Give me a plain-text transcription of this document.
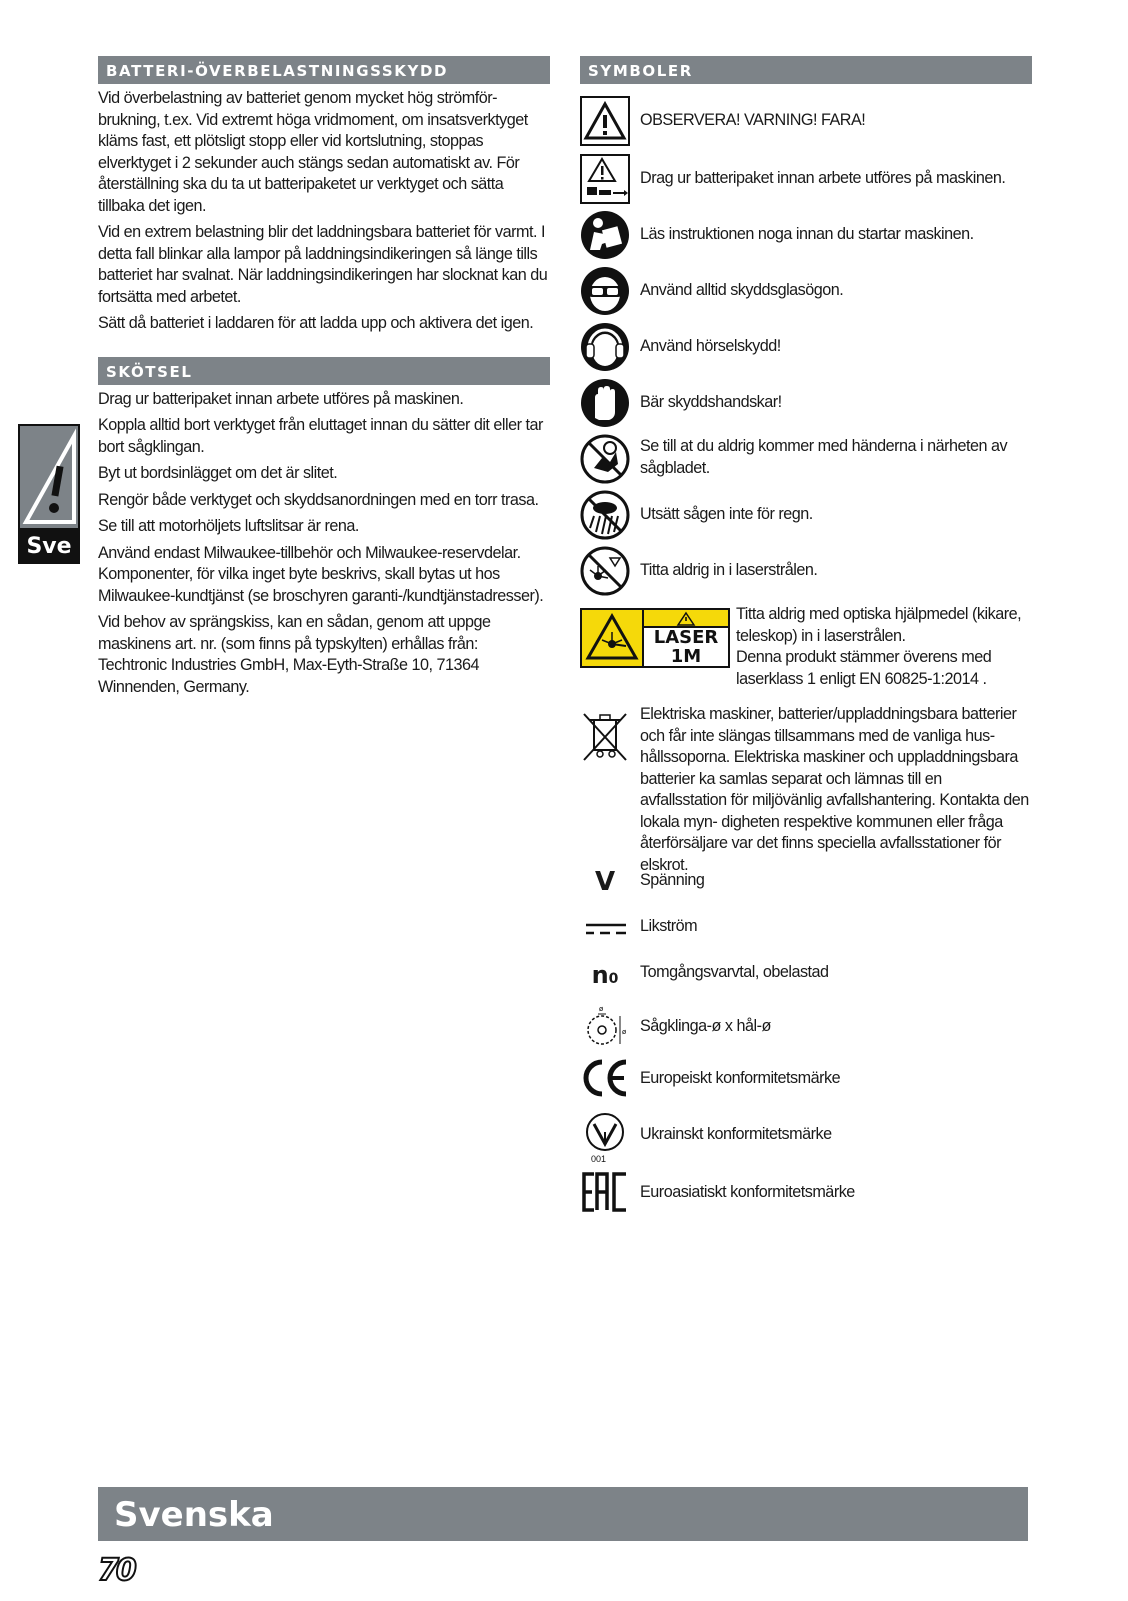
BATTERI-ÖVERBELASTNINGSSKYDD
Vid överbelastning av batteriet genom mycket hög strömför- brukning, t.ex. Vid extremt höga vridmoment, om insatsverktyget kläms fast, ett plötsligt stopp eller vid kortslutning, stoppas elverktyget i 2 sekunder auch stängs sedan automatiskt av. För återställning ska du ta ut batteripaketet ur verktyget och sätta tillbaka det igen.
Vid en extrem belastning blir det laddningsbara batteriet för varmt. I detta fall blinkar alla lampor på laddningsindikeringen så länge tills batteriet har svalnat. När laddningsindikeringen har slocknat kan du fortsätta med arbetet.
Sätt då batteriet i laddaren för att ladda upp och aktivera det igen.
SKÖTSEL
Drag ur batteripaket innan arbete utföres på maskinen.
Koppla alltid bort verktyget från eluttaget innan du sätter dit eller tar bort sågklingan.
Byt ut bordsinlägget om det är slitet.
Rengör både verktyget och skyddsanordningen med en torr trasa.
Se till att motorhöljets luftslitsar är rena.
Använd endast Milwaukee-tillbehör och Milwaukee-reservdelar. Komponenter, för vilka inget byte beskrivs, skall bytas ut hos Milwaukee-kundtjänst (se broschyren garanti-/kundtjänstadresser).
Vid behov av sprängskiss, kan en sådan, genom att uppge maskinens art. nr. (som finns på typskylten) erhållas från: Techtronic Industries GmbH, Max-Eyth-Straße 10, 71364 Winnenden, Germany.
Sve
SYMBOLER
OBSERVERA! VARNING! FARA!
Drag ur batteripaket innan arbete utföres på maskinen.
Läs instruktionen noga innan du startar maskinen.
Använd alltid skyddsglasögon.
Använd hörselskydd!
Bär skyddshandskar!
Se till at du aldrig kommer med händerna i närheten av sågbladet.
Utsätt sågen inte för regn.
Titta aldrig in i laserstrålen.
LASER
1M
Titta aldrig med optiska hjälpmedel (kikare, teleskop) in i laserstrålen.
Denna produkt stämmer överens med laserklass 1 enligt EN 60825-1:2014 .
Elektriska maskiner, batterier/uppladdningsbara batterier och får inte slängas tillsammans med de vanliga hus- hållssoporna. Elektriska maskiner och uppladdningsbara batterier ka samlas separat och lämnas till en avfallsstation för miljövänlig avfallshantering. Kontakta den lokala myn- digheten respektive kommunen eller fråga återförsäljare var det finns speciella avfallsstationer för elskrot.
V	Spänning
Likström
n0	Tomgångsvarvtal, obelastad
ø
ø Sågklinga-ø x hål-ø
Europeiskt konformitetsmärke
001
Ukrainskt konformitetsmärke
Euroasiatiskt konformitetsmärke
Svenska
70
